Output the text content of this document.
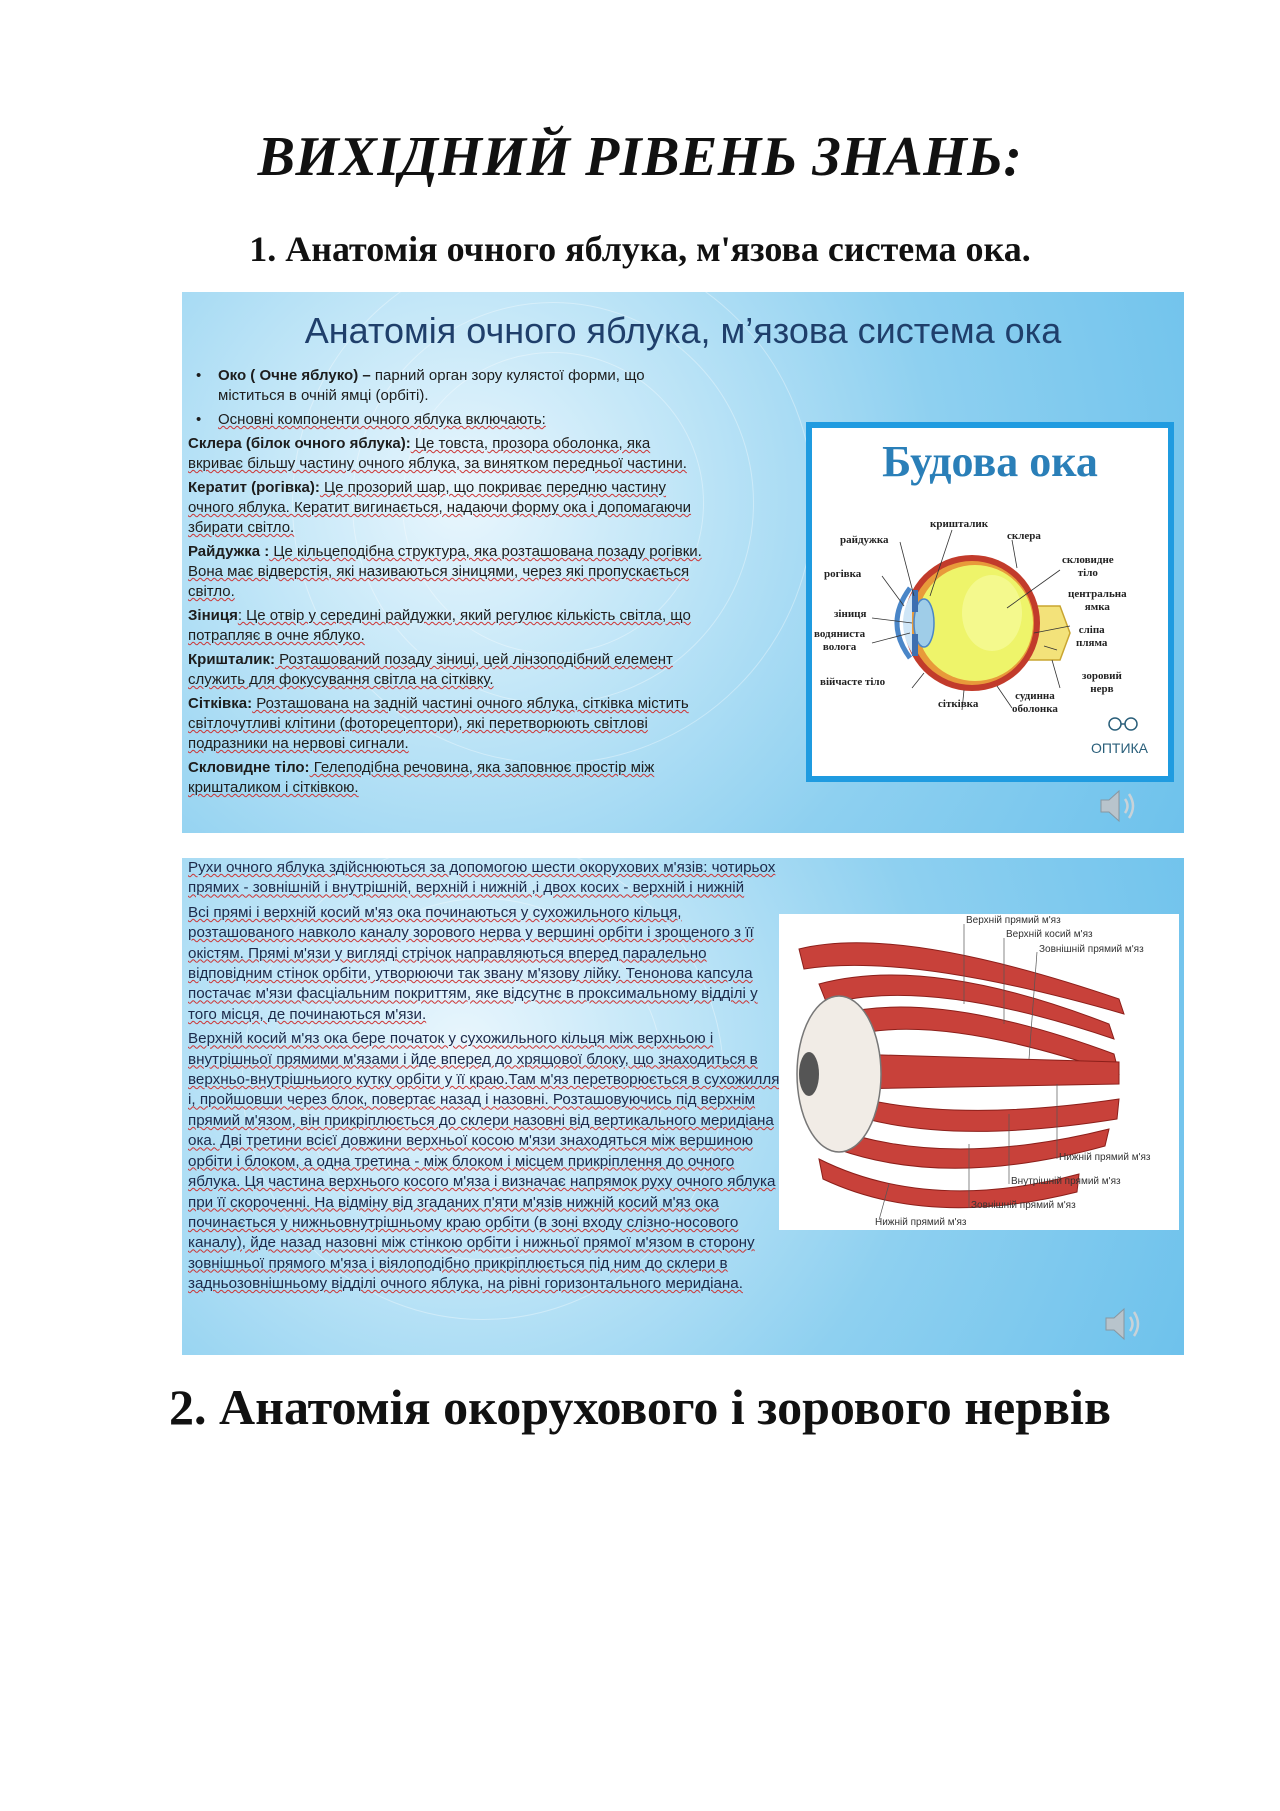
ВИХІДНИЙ РІВЕНЬ ЗНАНЬ:
1. Анатомія очного яблука, м'язова система ока.
Анатомія очного яблука, м’язова система ока

• Око ( Очне яблуко) – парний орган зору кулястої форми, що міститься в очній ямці (орбіті).

• Основні компоненти очного яблука включають:

Склера (білок очного яблука): Це товста, прозора оболонка, яка вкриває більшу частину очного яблука, за винятком передньої частини.

Кератит (рогівка): Це прозорий шар, що покриває передню частину очного яблука. Кератит вигинається, надаючи форму ока і допомагаючи збирати світло.

Райдужка : Це кільцеподібна структура, яка розташована позаду рогівки. Вона має відверстія, які називаються зіницями, через які пропускається світло.

Зіниця: Це отвір у середині райдужки, який регулює кількість світла, що потрапляє в очне яблуко.

Кришталик: Розташований позаду зіниці, цей лінзоподібний елемент служить для фокусування світла на сітківку.

Сітківка: Розташована на задній частині очного яблука, сітківка містить світлочутливі клітини (фоторецептори), які перетворюють світлові подразники на нервові сигнали.

Скловидне тіло: Гелеподібна речовина, яка заповнює простір між кришталиком і сітківкою.

Будова ока
кришталик
райдужка	склера
рогівка
скловидне
тіло
зіниця
центральна
ямка
водяниста
волога
сліпа
пляма
війчасте тіло	зоровий
нерв
сітківка
судинна
оболонка
ОПТИКА

Рухи очного яблука здійснюються за допомогою шести окорухових м'язів: чотирьох прямих - зовнішній і внутрішній, верхній і нижній ,і двох косих - верхній і нижній

Всі прямі і верхній косий м'яз ока починаються у сухожильного кільця, розташованого навколо каналу зорового нерва у вершині орбіти і зрощеного з її окістям. Прямі м'язи у вигляді стрічок направляються вперед паралельно відповідним стінок орбіти, утворюючи так звану м'язову лійку. Тенонова капсула постачає м'язи фасціальним покриттям, яке відсутнє в проксимальному відділі у того місця, де починаються м'язи.

Верхній косий м'яз ока бере початок у сухожильного кільця між верхньою і внутрішньої прямими м'язами і йде вперед до хрящової блоку, що знаходиться в верхньо-внутрішньиого кутку орбіти у її краю.Там м'яз перетворюється в сухожилля і, пройшовши через блок, повертає назад і назовні. Розташовуючись під верхнім прямий м'язом, він прикріплюється до склери назовні від вертикального меридіана ока. Дві третини всієї довжини верхньої косою м'язи знаходяться між вершиною орбіти і блоком, а одна третина - між блоком і місцем прикріплення до очного яблука. Ця частина верхнього косого м'яза і визначає напрямок руху очного яблука при її скороченні. На відміну від згаданих п'яти м'язів нижній косий м'яз ока починається у нижньовнутрішньому краю орбіти (в зоні входу слізно-носового каналу), йде назад назовні між стінкою орбіти і нижньої прямої м'язом в сторону зовнішньої прямого м'яза і віялоподібно прикріплюється під ним до склери в задньозовнішньому відділі очного яблука, на рівні горизонтального меридіана.

Верхній прямий м'яз
Верхній косий м'яз
Зовнішній прямий м'яз
Нижній прямий м'яз
Внутрішній прямий м'яз
Зовнішній прямий м'яз
Нижній прямий м'яз
2. Анатомія окорухового і зорового нервів
